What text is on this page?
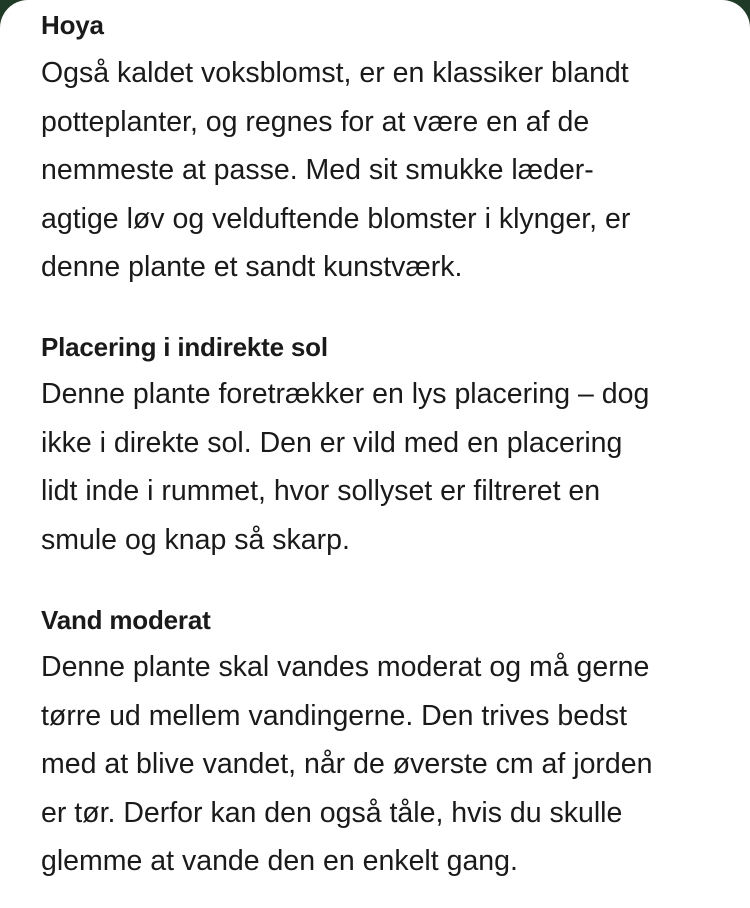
Hoya

Også kaldet voksblomst, er en klassiker blandt
potteplanter, og regnes for at være en af de
nemmeste at passe. Med sit smukke læder-
agtige løv og velduftende blomster i klynger, er
denne plante et sandt kunstværk.

Placering i indirekte sol

Denne plante foretrækker en lys placering – dog
ikke i direkte sol. Den er vild med en placering
lidt inde i rummet, hvor sollyset er filtreret en
smule og knap så skarp.

Vand moderat

Denne plante skal vandes moderat og må gerne
tørre ud mellem vandingerne. Den trives bedst
med at blive vandet, når de øverste cm af jorden
er tør. Derfor kan den også tåle, hvis du skulle
glemme at vande den en enkelt gang.
